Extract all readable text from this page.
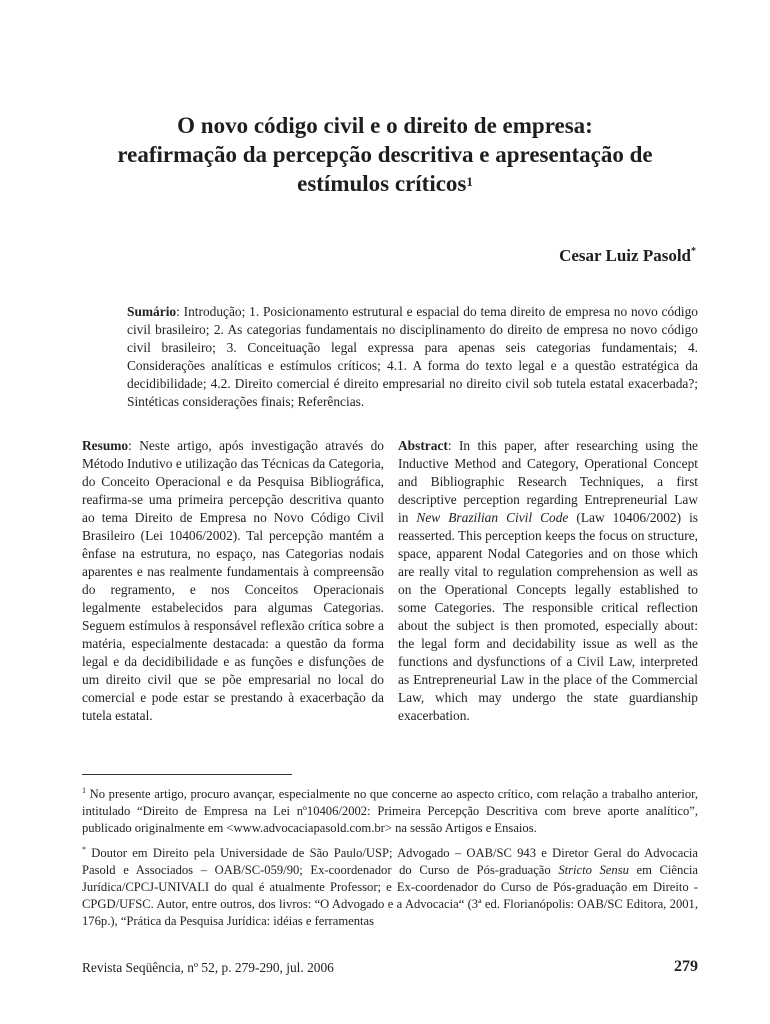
O novo código civil e o direito de empresa:
reafirmação da percepção descritiva e apresentação de
estímulos críticos$^1$
Cesar Luiz Pasold*
Sumário: Introdução; 1. Posicionamento estrutural e espacial do tema direito de empresa no novo código civil brasileiro; 2. As categorias fundamentais no disciplinamento do direito de empresa no novo código civil brasileiro; 3. Conceituação legal expressa para apenas seis categorias fundamentais; 4. Considerações analíticas e estímulos críticos; 4.1. A forma do texto legal e a questão estratégica da decidibilidade; 4.2. Direito comercial é direito empresarial no direito civil sob tutela estatal exacerbada?; Sintéticas considerações finais; Referências.
Resumo: Neste artigo, após investigação através do Método Indutivo e utilização das Técnicas da Categoria, do Conceito Operacional e da Pesquisa Bibliográfica, reafirma-se uma primeira percepção descritiva quanto ao tema Direito de Empresa no Novo Código Civil Brasileiro (Lei 10406/2002). Tal percepção mantém a ênfase na estrutura, no espaço, nas Categorias nodais aparentes e nas realmente fundamentais à compreensão do regramento, e nos Conceitos Operacionais legalmente estabelecidos para algumas Categorias. Seguem estímulos à responsável reflexão crítica sobre a matéria, especialmente destacada: a questão da forma legal e da decidibilidade e as funções e disfunções de um direito civil que se põe empresarial no local do comercial e pode estar se prestando à exacerbação da tutela estatal.
Abstract: In this paper, after researching using the Inductive Method and Category, Operational Concept and Bibliographic Research Techniques, a first descriptive perception regarding Entrepreneurial Law in New Brazilian Civil Code (Law 10406/2002) is reasserted. This perception keeps the focus on structure, space, apparent Nodal Categories and on those which are really vital to regulation comprehension as well as on the Operational Concepts legally established to some Categories. The responsible critical reflection about the subject is then promoted, especially about: the legal form and decidability issue as well as the functions and dysfunctions of a Civil Law, interpreted as Entrepreneurial Law in the place of the Commercial Law, which may undergo the state guardianship exacerbation.

$^1$ No presente artigo, procuro avançar, especialmente no que concerne ao aspecto crítico, com relação a trabalho anterior, intitulado “Direito de Empresa na Lei nº10406/2002: Primeira Percepção Descritiva com breve aporte analítico”, publicado originalmente em <www.advocaciapasold.com.br> na sessão Artigos e Ensaios.

* Doutor em Direito pela Universidade de São Paulo/USP; Advogado – OAB/SC 943 e Diretor Geral do Advocacia Pasold e Associados – OAB/SC-059/90; Ex-coordenador do Curso de Pós-graduação Stricto Sensu em Ciência Jurídica/CPCJ-UNIVALI do qual é atualmente Professor; e Ex-coordenador do Curso de Pós-graduação em Direito - CPGD/UFSC. Autor, entre outros, dos livros: “O Advogado e a Advocacia“ (3ª ed. Florianópolis: OAB/SC Editora, 2001, 176p.), “Prática da Pesquisa Jurídica: idéias e ferramentas

Revista Seqüência, nº 52, p. 279-290, jul. 2006	279
